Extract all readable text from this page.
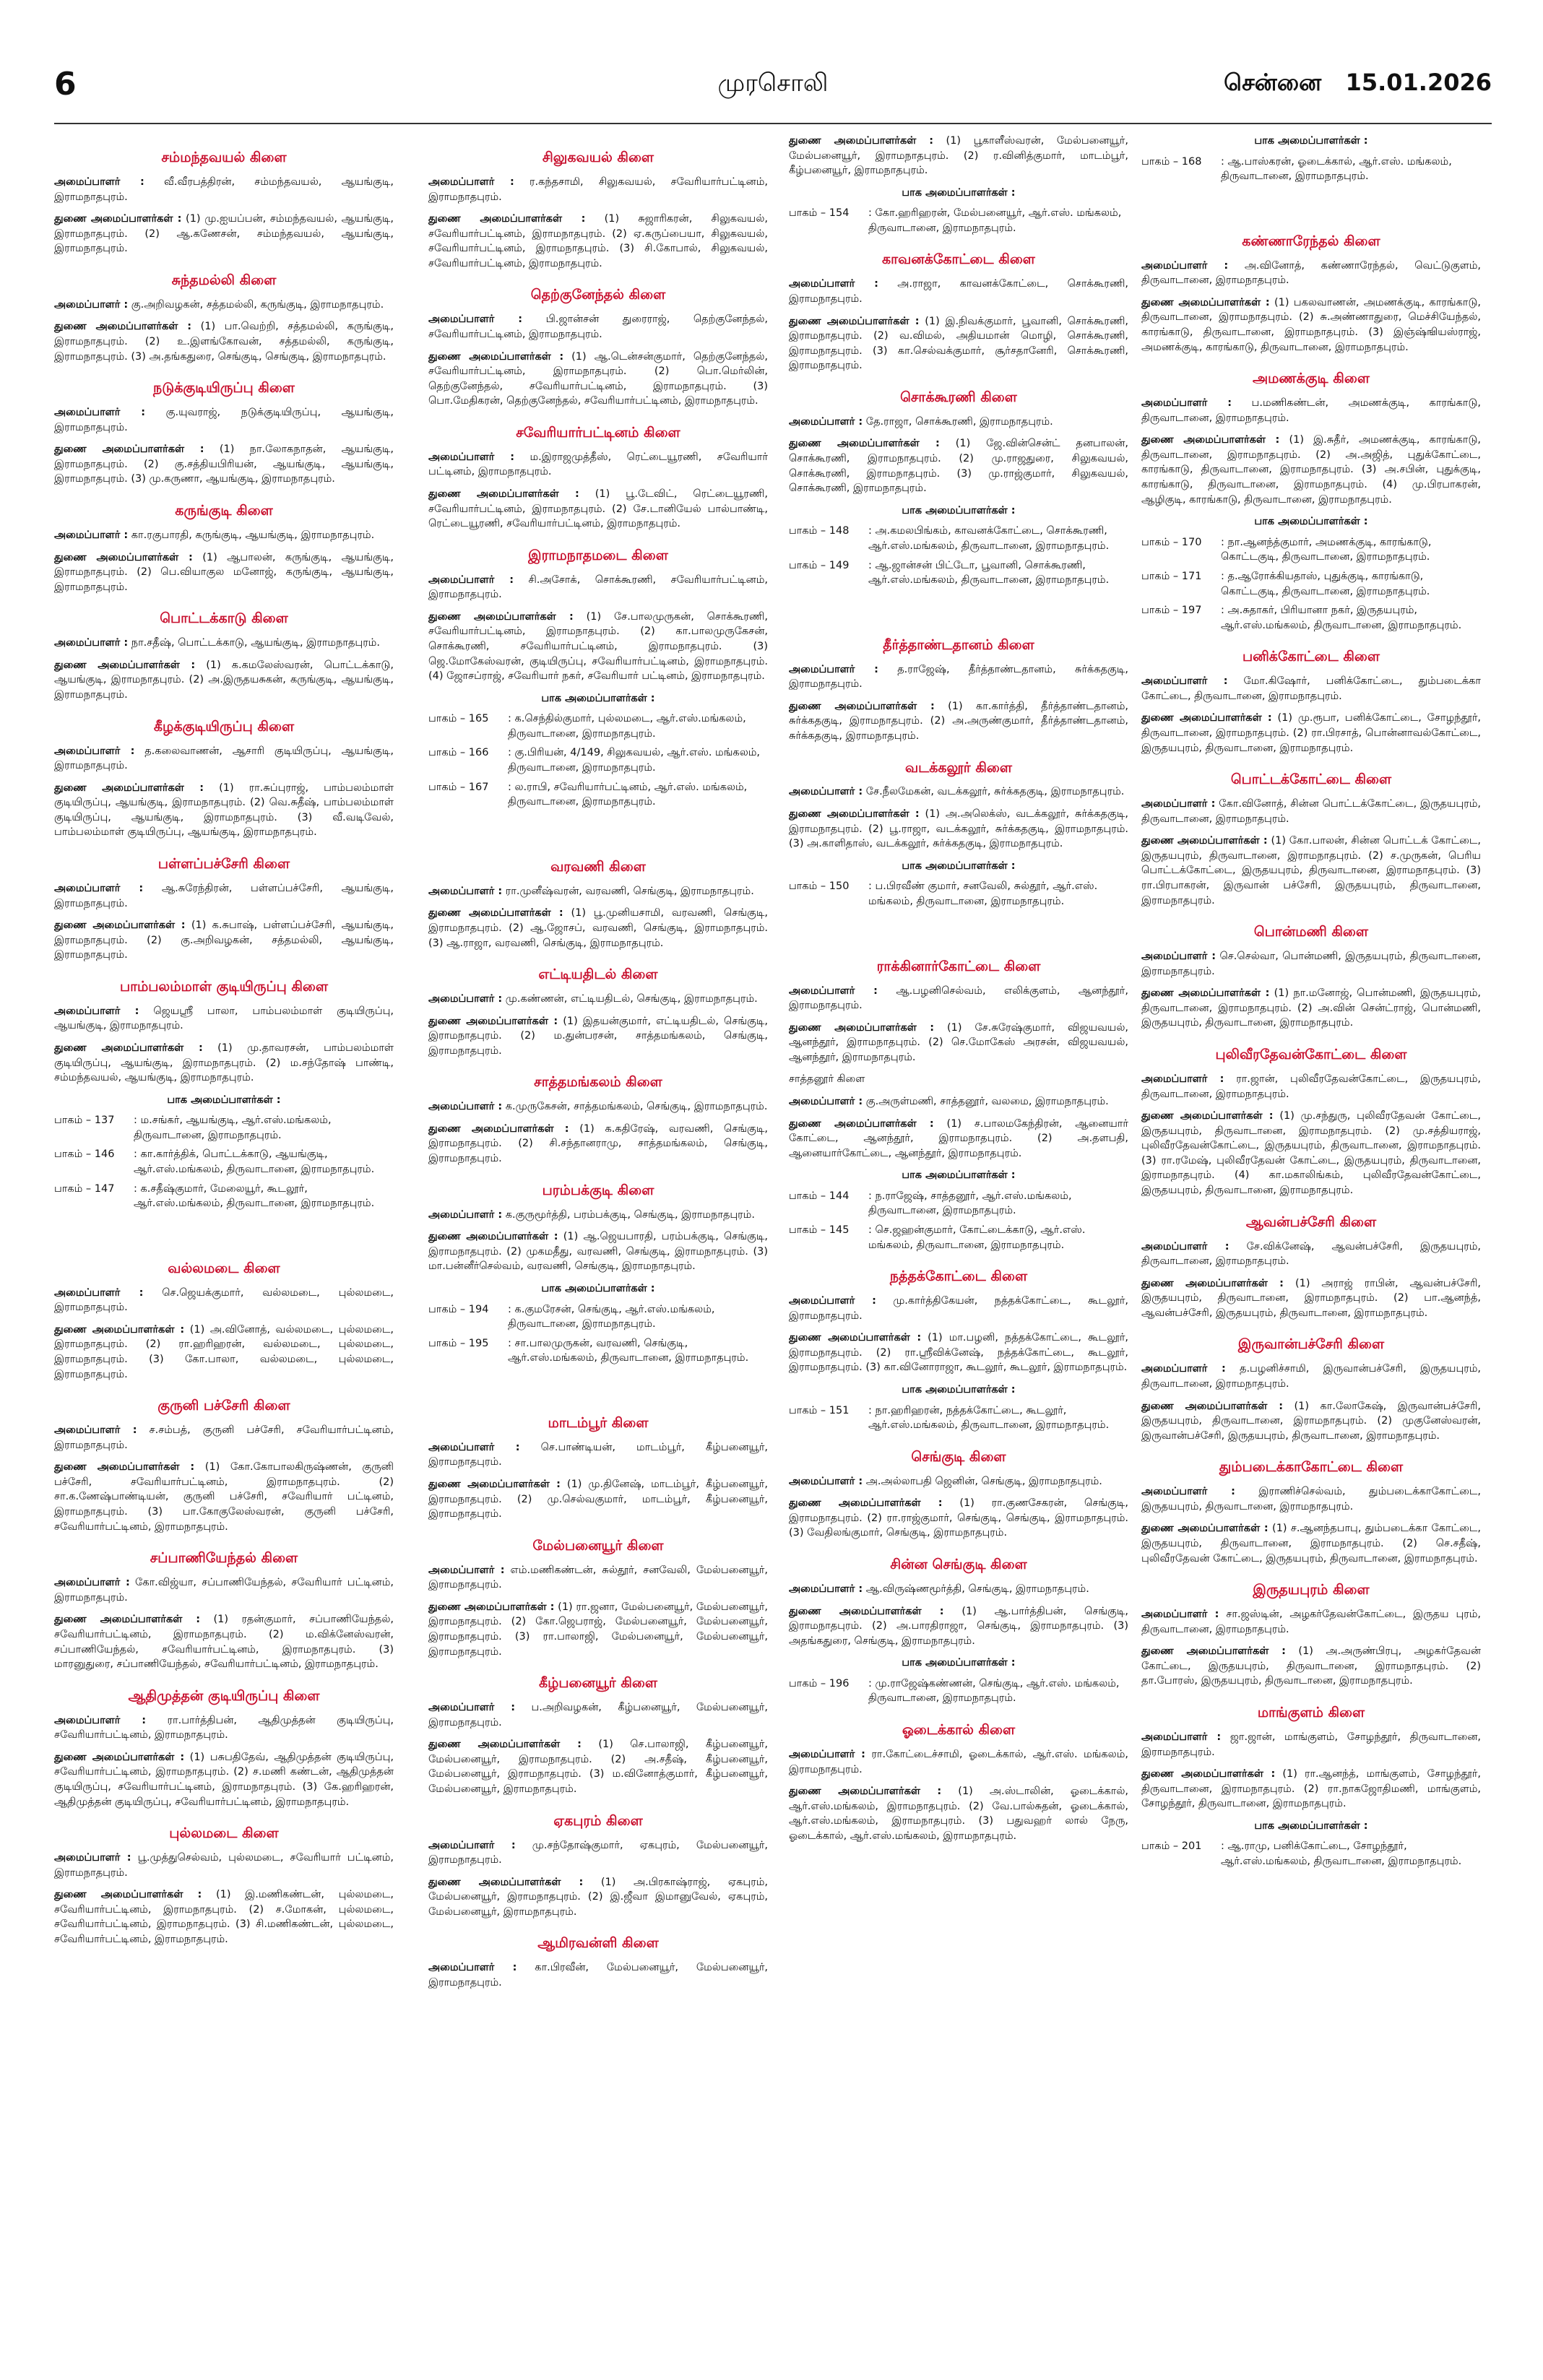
6	முரசொலி	சென்னை 15.01.2026
சம்மந்தவயல் கிளை

அமைப்பாளர் : வீ.வீரபத்திரன், சம்மந்தவயல், ஆயங்குடி, இராமநாதபுரம்.

துணை அமைப்பாளர்கள் : (1) மு.ஐயப்பன், சம்மந்தவயல், ஆயங்குடி, இராமநாதபுரம். (2) ஆ.கணேசன், சம்மந்தவயல், ஆயங்குடி, இராமநாதபுரம்.

சுந்தமல்லி கிளை

அமைப்பாளர் : கு.அறிவழகன், சத்தமல்லி, கருங்குடி, இராமநாதபுரம்.

துணை அமைப்பாளர்கள் : (1) பா.வெற்றி, சத்தமல்லி, கருங்குடி, இராமநாதபுரம். (2) உ.இளங்கோவன், சத்தமல்லி, கருங்குடி, இராமநாதபுரம். (3) அ.தங்கதுரை, செங்குடி, செங்குடி, இராமநாதபுரம்.

நடுக்குடியிருப்பு கிளை

அமைப்பாளர் : கு.யுவராஜ், நடுக்குடியிருப்பு, ஆயங்குடி, இராமநாதபுரம்.

துணை அமைப்பாளர்கள் : (1) நா.லோகநாதன், ஆயங்குடி, இராமநாதபுரம். (2) கு.சத்தியபிரியன், ஆயங்குடி, ஆயங்குடி, இராமநாதபுரம். (3) மு.கருணா, ஆயங்குடி, இராமநாதபுரம்.

கருங்குடி கிளை

அமைப்பாளர் : கா.ரகுபாரதி, கருங்குடி, ஆயங்குடி, இராமநாதபுரம்.

துணை அமைப்பாளர்கள் : (1) ஆபாலன், கருங்குடி, ஆயங்குடி, இராமநாதபுரம். (2) பெ.வியாகுல மனோஜ், கருங்குடி, ஆயங்குடி, இராமநாதபுரம்.

பொட்டக்காடு கிளை

அமைப்பாளர் : நா.சதீஷ், பொட்டக்காடு, ஆயங்குடி, இராமநாதபுரம்.

துணை அமைப்பாளர்கள் : (1) க.கமலேஸ்வரன், பொட்டக்காடு, ஆயங்குடி, இராமநாதபுரம். (2) அ.இருதயசுகன், கருங்குடி, ஆயங்குடி, இராமநாதபுரம்.

கீழக்குடியிருப்பு கிளை

அமைப்பாளர் : த.கலைவாணன், ஆசாரி குடியிருப்பு, ஆயங்குடி, இராமநாதபுரம்.

துணை அமைப்பாளர்கள் : (1) ரா.சுப்புராஜ், பாம்பலம்மாள் குடியிருப்பு, ஆயங்குடி, இராமநாதபுரம். (2) வெ.சுதீஷ், பாம்பலம்மாள் குடியிருப்பு, ஆயங்குடி, இராமநாதபுரம். (3) வீ.வடிவேல், பாம்பலம்மாள் குடியிருப்பு, ஆயங்குடி, இராமநாதபுரம்.

பள்ளப்பச்சேரி கிளை

அமைப்பாளர் : ஆ.சுரேந்திரன், பள்ளப்பச்சேரி, ஆயங்குடி, இராமநாதபுரம்.

துணை அமைப்பாளர்கள் : (1) க.சுபாஷ், பள்ளப்பச்சேரி, ஆயங்குடி, இராமநாதபுரம். (2) கு.அறிவழகன், சத்தமல்லி, ஆயங்குடி, இராமநாதபுரம்.

பாம்பலம்மாள் குடியிருப்பு கிளை

அமைப்பாளர் : ஜெயஸ்ரீ பாலா, பாம்பலம்மாள் குடியிருப்பு, ஆயங்குடி, இராமநாதபுரம்.

துணை அமைப்பாளர்கள் : (1) மு.தாவரசன், பாம்பலம்மாள் குடியிருப்பு, ஆயங்குடி, இராமநாதபுரம். (2) ம.சந்தோஷ் பாண்டி, சம்மந்தவயல், ஆயங்குடி, இராமநாதபுரம்.

பாக அமைப்பாளர்கள் :
பாகம் – 137	: ம.சங்கர், ஆயங்குடி, ஆர்.எஸ்.மங்கலம், திருவாடானை, இராமநாதபுரம்.
பாகம் – 146	: கா.கார்த்திக், பொட்டக்காடு, ஆயங்குடி, ஆர்.எஸ்.மங்கலம், திருவாடானை, இராமநாதபுரம்.
பாகம் – 147	: க.சதீஷ்குமார், மேலையூர், கூடலூர், ஆர்.எஸ்.மங்கலம், திருவாடானை, இராமநாதபுரம்.
வல்லமடை கிளை

அமைப்பாளர் : செ.ஜெயக்குமார், வல்லமடை, புல்லமடை, இராமநாதபுரம்.

துணை அமைப்பாளர்கள் : (1) அ.வினோத், வல்லமடை, புல்லமடை, இராமநாதபுரம். (2) ரா.ஹரிஹரன், வல்லமடை, புல்லமடை, இராமநாதபுரம். (3) கோ.பாலா, வல்லமடை, புல்லமடை, இராமநாதபுரம்.

குருனி பச்சேரி கிளை

அமைப்பாளர் : ச.சம்பத், குருனி பச்சேரி, சவேரியார்பட்டினம், இராமநாதபுரம்.

துணை அமைப்பாளர்கள் : (1) கோ.கோபாலகிருஷ்ணன், குருனி பச்சேரி, சவேரியார்பட்டினம், இராமநாதபுரம். (2) சா.க.ணேஷ்பாண்டியன், குருனி பச்சேரி, சவேரியார் பட்டினம், இராமநாதபுரம். (3) பா.கோகுலேஸ்வரன், குருனி பச்சேரி, சவேரியார்பட்டினம், இராமநாதபுரம்.

சப்பாணியேந்தல் கிளை

அமைப்பாளர் : கோ.விஜ்யா, சப்பாணியேந்தல், சவேரியார் பட்டினம், இராமநாதபுரம்.

துணை அமைப்பாளர்கள் : (1) ரதன்குமார், சப்பாணியேந்தல், சவேரியார்பட்டினம், இராமநாதபுரம். (2) ம.விக்னேஸ்வரன், சப்பாணியேந்தல், சவேரியார்பட்டினம், இராமநாதபுரம். (3) மாரனுதுரை, சப்பாணியேந்தல், சவேரியார்பட்டினம், இராமநாதபுரம்.

ஆதிமுத்தன் குடியிருப்பு கிளை

அமைப்பாளர் : ரா.பார்த்திபன், ஆதிமுத்தன் குடியிருப்பு, சவேரியார்பட்டினம், இராமநாதபுரம்.

துணை அமைப்பாளர்கள் : (1) பசுபதிதேவ், ஆதிமுத்தன் குடியிருப்பு, சவேரியார்பட்டினம், இராமநாதபுரம். (2) ச.மணி கண்டன், ஆதிமுத்தன் குடியிருப்பு, சவேரியார்பட்டினம், இராமநாதபுரம். (3) கே.ஹரிஹரன், ஆதிமுத்தன் குடியிருப்பு, சவேரியார்பட்டினம், இராமநாதபுரம்.

புல்லமடை கிளை

அமைப்பாளர் : பூ.முத்துசெல்வம், புல்லமடை, சவேரியார் பட்டினம், இராமநாதபுரம்.

துணை அமைப்பாளர்கள் : (1) இ.மணிகண்டன், புல்லமடை, சவேரியார்பட்டினம், இராமநாதபுரம். (2) ச.மோகன், புல்லமடை, சவேரியார்பட்டினம், இராமநாதபுரம். (3) சி.மணிகண்டன், புல்லமடை, சவேரியார்பட்டினம், இராமநாதபுரம்.

சிலுகவயல் கிளை

அமைப்பாளர் : ர.கந்தசாமி, சிலுகவயல், சவேரியார்பட்டினம், இராமநாதபுரம்.

துணை அமைப்பாளர்கள் : (1) சுஜாரிகரன், சிலுகவயல், சவேரியார்பட்டினம், இராமநாதபுரம். (2) ஏ.கருப்பையா, சிலுகவயல், சவேரியார்பட்டினம், இராமநாதபுரம். (3) சி.கோபால், சிலுகவயல், சவேரியார்பட்டினம், இராமநாதபுரம்.

தெற்குனேந்தல் கிளை

அமைப்பாளர் : பி.ஜான்சன் துரைராஜ், தெற்குனேந்தல், சவேரியார்பட்டினம், இராமநாதபுரம்.

துணை அமைப்பாளர்கள் : (1) ஆ.டென்சன்குமார், தெற்குனேந்தல், சவேரியார்பட்டினம், இராமநாதபுரம். (2) பொ.மெர்லின், தெற்குனேந்தல், சவேரியார்பட்டினம், இராமநாதபுரம். (3) பொ.மேதிகரன், தெற்குனேந்தல், சவேரியார்பட்டினம், இராமநாதபுரம்.

சவேரியார்பட்டினம் கிளை

அமைப்பாளர் : ம.இராஜமுத்தீஸ், ரெட்டையூரணி, சவேரியார் பட்டினம், இராமநாதபுரம்.

துணை அமைப்பாளர்கள் : (1) பூ.டேவிட், ரெட்டையூரணி, சவேரியார்பட்டினம், இராமநாதபுரம். (2) சே.டானியேல் பால்பாண்டி, ரெட்டையூரணி, சவேரியார்பட்டினம், இராமநாதபுரம்.

இராமநாதமடை கிளை

அமைப்பாளர் : சி.அசோக், சொக்கூரணி, சவேரியார்பட்டினம், இராமநாதபுரம்.

துணை அமைப்பாளர்கள் : (1) சே.பாலமுருகன், சொக்கூரணி, சவேரியார்பட்டினம், இராமநாதபுரம். (2) கா.பாலமுருகேசன், சொக்கூரணி, சவேரியார்பட்டினம், இராமநாதபுரம். (3) ஜெ.மோகேஸ்வரன், குடியிருப்பு, சவேரியார்பட்டினம், இராமநாதபுரம். (4) ஜோசப்ராஜ், சவேரியார் நகர், சவேரியார் பட்டினம், இராமநாதபுரம்.

பாக அமைப்பாளர்கள் :
பாகம் – 165	: க.செந்தில்குமார், புல்லமடை, ஆர்.எஸ்.மங்கலம், திருவாடானை, இராமநாதபுரம்.
பாகம் – 166	: கு.பிரியன், 4/149, சிலுகவயல், ஆர்.எஸ். மங்கலம், திருவாடானை, இராமநாதபுரம்.
பாகம் – 167	: ல.ராபி, சவேரியார்பட்டினம், ஆர்.எஸ். மங்கலம், திருவாடானை, இராமநாதபுரம்.
வரவணி கிளை

அமைப்பாளர் : ரா.முனீஷ்வரன், வரவணி, செங்குடி, இராமநாதபுரம்.

துணை அமைப்பாளர்கள் : (1) பூ.முனியசாமி, வரவணி, செங்குடி, இராமநாதபுரம். (2) ஆ.ஜோசப், வரவணி, செங்குடி, இராமநாதபுரம். (3) ஆ.ராஜா, வரவணி, செங்குடி, இராமநாதபுரம்.

எட்டியதிடல் கிளை

அமைப்பாளர் : மு.கண்ணன், எட்டியதிடல், செங்குடி, இராமநாதபுரம்.

துணை அமைப்பாளர்கள் : (1) இதயன்குமார், எட்டியதிடல், செங்குடி, இராமநாதபுரம். (2) ம.துன்பரசன், சாத்தமங்கலம், செங்குடி, இராமநாதபுரம்.

சாத்தமங்கலம் கிளை

அமைப்பாளர் : க.முருகேசன், சாத்தமங்கலம், செங்குடி, இராமநாதபுரம்.

துணை அமைப்பாளர்கள் : (1) க.கதிரேஷ், வரவணி, செங்குடி, இராமநாதபுரம். (2) சி.சந்தானராமு, சாத்தமங்கலம், செங்குடி, இராமநாதபுரம்.

பரம்பக்குடி கிளை

அமைப்பாளர் : க.குருமூர்த்தி, பரம்பக்குடி, செங்குடி, இராமநாதபுரம்.

துணை அமைப்பாளர்கள் : (1) ஆ.ஜெயபாரதி, பரம்பக்குடி, செங்குடி, இராமநாதபுரம். (2) முகமதீது, வரவணி, செங்குடி, இராமநாதபுரம். (3) மா.பன்னீர்செல்வம், வரவணி, செங்குடி, இராமநாதபுரம்.

பாக அமைப்பாளர்கள் :
பாகம் – 194	: க.குமரேசன், செங்குடி, ஆர்.எஸ்.மங்கலம், திருவாடானை, இராமநாதபுரம்.
பாகம் – 195	: சா.பாலமுருகன், வரவணி, செங்குடி, ஆர்.எஸ்.மங்கலம், திருவாடானை, இராமநாதபுரம்.
மாடம்பூர் கிளை

அமைப்பாளர் : செ.பாண்டியன், மாடம்பூர், கீழ்பனையூர், இராமநாதபுரம்.

துணை அமைப்பாளர்கள் : (1) மு.தினேஷ், மாடம்பூர், கீழ்பனையூர், இராமநாதபுரம். (2) மு.செல்வகுமார், மாடம்பூர், கீழ்பனையூர், இராமநாதபுரம்.

மேல்பனையூர் கிளை

அமைப்பாளர் : எம்.மணிகண்டன், சுல்தூர், சனவேலி, மேல்பனையூர், இராமநாதபுரம்.

துணை அமைப்பாளர்கள் : (1) ரா.ஜனா, மேல்பனையூர், மேல்பனையூர், இராமநாதபுரம். (2) கோ.ஜெபராஜ், மேல்பனையூர், மேல்பனையூர், இராமநாதபுரம். (3) ரா.பாலாஜி, மேல்பனையூர், மேல்பனையூர், இராமநாதபுரம்.

கீழ்பனையூர் கிளை

அமைப்பாளர் : ப.அறிவழகன், கீழ்பனையூர், மேல்பனையூர், இராமநாதபுரம்.

துணை அமைப்பாளர்கள் : (1) செ.பாலாஜி, கீழ்பனையூர், மேல்பனையூர், இராமநாதபுரம். (2) அ.சதீஷ், கீழ்பனையூர், மேல்பனையூர், இராமநாதபுரம். (3) ம.வினோத்குமார், கீழ்பனையூர், மேல்பனையூர், இராமநாதபுரம்.

ஏகபுரம் கிளை

அமைப்பாளர் : மு.சந்தோஷ்குமார், ஏகபுரம், மேல்பனையூர், இராமநாதபுரம்.

துணை அமைப்பாளர்கள் : (1) அ.பிரகாஷ்ராஜ், ஏகபுரம், மேல்பனையூர், இராமநாதபுரம். (2) இ.ஜீவா இமானுவேல், ஏகபுரம், மேல்பனையூர், இராமநாதபுரம்.

ஆமிரவன்ளி கிளை

அமைப்பாளர் : கா.பிரவீன், மேல்பனையூர், மேல்பனையூர், இராமநாதபுரம்.

துணை அமைப்பாளர்கள் : (1) பூகாளீஸ்வரன், மேல்பனையூர், மேல்பனையூர், இராமநாதபுரம். (2) ர.வினித்குமார், மாடம்பூர், கீழ்பனையூர், இராமநாதபுரம்.

பாக அமைப்பாளர்கள் :
பாகம் – 154	: கோ.ஹரிஹரன், மேல்பனையூர், ஆர்.எஸ். மங்கலம், திருவாடானை, இராமநாதபுரம்.
காவனக்கோட்டை கிளை

அமைப்பாளர் : அ.ராஜா, காவனக்கோட்டை, சொக்கூரணி, இராமநாதபுரம்.

துணை அமைப்பாளர்கள் : (1) இ.நிவக்குமார், பூவானி, சொக்கூரணி, இராமநாதபுரம். (2) வ.விமல், அதியமான் மொழி, சொக்கூரணி, இராமநாதபுரம். (3) கா.செல்வக்குமார், சூர்சதானேரி, சொக்கூரணி, இராமநாதபுரம்.

சொக்கூரணி கிளை

அமைப்பாளர் : தே.ராஜா, சொக்கூரணி, இராமநாதபுரம்.

துணை அமைப்பாளர்கள் : (1) ஜே.வின்சென்ட் தனபாலன், சொக்கூரணி, இராமநாதபுரம். (2) மு.ராஜதுரை, சிலுகவயல், சொக்கூரணி, இராமநாதபுரம். (3) மு.ராஜ்குமார், சிலுகவயல், சொக்கூரணி, இராமநாதபுரம்.

பாக அமைப்பாளர்கள் :
பாகம் – 148	: அ.கமலபிங்கம், காவனக்கோட்டை, சொக்கூரணி, ஆர்.எஸ்.மங்கலம், திருவாடானை, இராமநாதபுரம்.
பாகம் – 149	: ஆ.ஜான்சன் பிட்டோ, பூவானி, சொக்கூரணி, ஆர்.எஸ்.மங்கலம், திருவாடானை, இராமநாதபுரம்.
தீர்த்தாண்டதானம் கிளை

அமைப்பாளர் : த.ராஜேஷ், தீர்த்தாண்டதானம், சுர்க்கதகுடி, இராமநாதபுரம்.

துணை அமைப்பாளர்கள் : (1) கா.கார்த்தி, தீர்த்தாண்டதானம், சுர்க்கதகுடி, இராமநாதபுரம். (2) அ.அருண்குமார், தீர்த்தாண்டதானம், சுர்க்கதகுடி, இராமநாதபுரம்.

வடக்கலூர் கிளை

அமைப்பாளர் : சே.நீலமேகன், வடக்கலூர், சுர்க்கதகுடி, இராமநாதபுரம்.

துணை அமைப்பாளர்கள் : (1) அ.அலெக்ஸ், வடக்கலூர், சுர்க்கதகுடி, இராமநாதபுரம். (2) பூ.ராஜா, வடக்கலூர், சுர்க்கதகுடி, இராமநாதபுரம். (3) அ.காளிதாஸ், வடக்கலூர், சுர்க்கதகுடி, இராமநாதபுரம்.

பாக அமைப்பாளர்கள் :
பாகம் – 150	: ப.பிரவீண் குமார், சனவேலி, சுல்தூர், ஆர்.எஸ். மங்கலம், திருவாடானை, இராமநாதபுரம்.
ராக்கினார்கோட்டை கிளை

அமைப்பாளர் : ஆ.பழனிசெல்வம், எலிக்குளம், ஆனந்தூர், இராமநாதபுரம்.

துணை அமைப்பாளர்கள் : (1) சே.சுரேஷ்குமார், விஜயவயல், ஆனந்தூர், இராமநாதபுரம். (2) செ.மோகேஸ் அரசன், விஜயவயல், ஆனந்தூர், இராமநாதபுரம்.

சாத்தனூர் கிளை

அமைப்பாளர் : கு.அருள்மணி, சாத்தனூர், வலமை, இராமநாதபுரம்.

துணை அமைப்பாளர்கள் : (1) ச.பாலமகேந்திரன், ஆனையார் கோட்டை, ஆனந்தூர், இராமநாதபுரம். (2) அ.தளபதி, ஆனையார்கோட்டை, ஆனந்தூர், இராமநாதபுரம்.

பாக அமைப்பாளர்கள் :
பாகம் – 144	: ந.ராஜேஷ், சாத்தனூர், ஆர்.எஸ்.மங்கலம், திருவாடானை, இராமநாதபுரம்.
பாகம் – 145	: செ.ஜஹன்குமார், கோட்டைக்காடு, ஆர்.எஸ். மங்கலம், திருவாடானை, இராமநாதபுரம்.
நத்தக்கோட்டை கிளை

அமைப்பாளர் : மு.கார்த்திகேயன், நத்தக்கோட்டை, கூடலூர், இராமநாதபுரம்.

துணை அமைப்பாளர்கள் : (1) மா.பழனி, நத்தக்கோட்டை, கூடலூர், இராமநாதபுரம். (2) ரா.ஸ்ரீவிக்னேஷ், நத்தக்கோட்டை, கூடலூர், இராமநாதபுரம். (3) கா.வினோராஜா, கூடலூர், கூடலூர், இராமநாதபுரம்.

பாக அமைப்பாளர்கள் :
பாகம் – 151	: நா.ஹரிஹரன், நத்தக்கோட்டை, கூடலூர், ஆர்.எஸ்.மங்கலம், திருவாடானை, இராமநாதபுரம்.
செங்குடி கிளை

அமைப்பாளர் : அ.அல்லாபதி ஜெனின், செங்குடி, இராமநாதபுரம்.

துணை அமைப்பாளர்கள் : (1) ரா.குணசேகரன், செங்குடி, இராமநாதபுரம். (2) ரா.ராஜ்குமார், செங்குடி, செங்குடி, இராமநாதபுரம். (3) வேதிலங்குமார், செங்குடி, இராமநாதபுரம்.

சின்ன செங்குடி கிளை

அமைப்பாளர் : ஆ.விருஷ்ணமூர்த்தி, செங்குடி, இராமநாதபுரம்.

துணை அமைப்பாளர்கள் : (1) ஆ.பார்த்திபன், செங்குடி, இராமநாதபுரம். (2) அ.பாரதிராஜா, செங்குடி, இராமநாதபுரம். (3) அதங்கதுரை, செங்குடி, இராமநாதபுரம்.

பாக அமைப்பாளர்கள் :
பாகம் – 196	: மு.ராஜேஷ்கண்ணன், செங்குடி, ஆர்.எஸ். மங்கலம், திருவாடானை, இராமநாதபுரம்.
ஓடைக்கால் கிளை

அமைப்பாளர் : ரா.கோட்டைச்சாமி, ஓடைக்கால், ஆர்.எஸ். மங்கலம், இராமநாதபுரம்.

துணை அமைப்பாளர்கள் : (1) அ.ஸ்டாலின், ஓடைக்கால், ஆர்.எஸ்.மங்கலம், இராமநாதபுரம். (2) வே.பால்சுதன், ஓடைக்கால், ஆர்.எஸ்.மங்கலம், இராமநாதபுரம். (3) பதுவஹர் லால் நேரு, ஓடைக்கால், ஆர்.எஸ்.மங்கலம், இராமநாதபுரம்.

பாக அமைப்பாளர்கள் :
பாகம் – 168	: ஆ.பாஸ்கரன், ஓடைக்கால், ஆர்.எஸ். மங்கலம், திருவாடானை, இராமநாதபுரம்.
கண்ணாரேந்தல் கிளை

அமைப்பாளர் : அ.வினோத், கண்ணாரேந்தல், வெட்டுகுளம், திருவாடானை, இராமநாதபுரம்.

துணை அமைப்பாளர்கள் : (1) பகலவாணன், அமணக்குடி, காரங்காடு, திருவாடானை, இராமநாதபுரம். (2) சு.அண்ணாதுரை, மெச்சியேந்தல், காரங்காடு, திருவாடானை, இராமநாதபுரம். (3) இஞ்ஷ்ஙியஸ்ராஜ், அமணக்குடி, காரங்காடு, திருவாடானை, இராமநாதபுரம்.

அமணக்குடி கிளை

அமைப்பாளர் : ப.மணிகண்டன், அமணக்குடி, காரங்காடு, திருவாடானை, இராமநாதபுரம்.

துணை அமைப்பாளர்கள் : (1) இ.சுதீர், அமணக்குடி, காரங்காடு, திருவாடானை, இராமநாதபுரம். (2) அ.அஜித், புதுக்கோட்டை, காரங்காடு, திருவாடானை, இராமநாதபுரம். (3) அ.சபின், புதுக்குடி, காரங்காடு, திருவாடானை, இராமநாதபுரம். (4) மு.பிரபாகரன், ஆழிகுடி, காரங்காடு, திருவாடானை, இராமநாதபுரம்.

பாக அமைப்பாளர்கள் :
பாகம் – 170	: நா.ஆனந்த்குமார், அமணக்குடி, காரங்காடு, கொட்டகுடி, திருவாடானை, இராமநாதபுரம்.
பாகம் – 171	: த.ஆரோக்கியதாஸ், புதுக்குடி, காரங்காடு, கொட்டகுடி, திருவாடானை, இராமநாதபுரம்.
பாகம் – 197	: அ.சுதாகர், பிரியானா நகர், இருதயபுரம், ஆர்.எஸ்.மங்கலம், திருவாடானை, இராமநாதபுரம்.
பனிக்கோட்டை கிளை

அமைப்பாளர் : மோ.கிஷோர், பனிக்கோட்டை, தும்படைக்கா கோட்டை, திருவாடானை, இராமநாதபுரம்.

துணை அமைப்பாளர்கள் : (1) மு.ரூபா, பனிக்கோட்டை, சோழந்தூர், திருவாடானை, இராமநாதபுரம். (2) ரா.பிரசாத், பொன்னாவல்கோட்டை, இருதயபுரம், திருவாடானை, இராமநாதபுரம்.

பொட்டக்கோட்டை கிளை

அமைப்பாளர் : கோ.வினோத், சின்ன பொட்டக்கோட்டை, இருதயபுரம், திருவாடானை, இராமநாதபுரம்.

துணை அமைப்பாளர்கள் : (1) கோ.பாலன், சின்ன பொட்டக் கோட்டை, இருதயபுரம், திருவாடானை, இராமநாதபுரம். (2) ச.முருகன், பெரிய பொட்டக்கோட்டை, இருதயபுரம், திருவாடானை, இராமநாதபுரம். (3) ரா.பிரபாகரன், இருவான் பச்சேரி, இருதயபுரம், திருவாடானை, இராமநாதபுரம்.

பொன்மணி கிளை

அமைப்பாளர் : செ.செல்வா, பொன்மணி, இருதயபுரம், திருவாடானை, இராமநாதபுரம்.

துணை அமைப்பாளர்கள் : (1) நா.மனோஜ், பொன்மணி, இருதயபுரம், திருவாடானை, இராமநாதபுரம். (2) அ.வின் சென்ட்ராஜ், பொன்மணி, இருதயபுரம், திருவாடானை, இராமநாதபுரம்.

புலிவீரதேவன்கோட்டை கிளை

அமைப்பாளர் : ரா.ஜான், புலிவீரதேவன்கோட்டை, இருதயபுரம், திருவாடானை, இராமநாதபுரம்.

துணை அமைப்பாளர்கள் : (1) மு.சந்துரு, புலிவீரதேவன் கோட்டை, இருதயபுரம், திருவாடானை, இராமநாதபுரம். (2) மு.சத்தியராஜ், புலிவீரதேவன்கோட்டை, இருதயபுரம், திருவாடானை, இராமநாதபுரம். (3) ரா.ரமேஷ், புலிவீரதேவன் கோட்டை, இருதயபுரம், திருவாடானை, இராமநாதபுரம். (4) கா.மகாலிங்கம், புலிவீரதேவன்கோட்டை, இருதயபுரம், திருவாடானை, இராமநாதபுரம்.

ஆவன்பச்சேரி கிளை

அமைப்பாளர் : சே.விக்னேஷ், ஆவன்பச்சேரி, இருதயபுரம், திருவாடானை, இராமநாதபுரம்.

துணை அமைப்பாளர்கள் : (1) அராஜ் ராபின், ஆவன்பச்சேரி, இருதயபுரம், திருவாடானை, இராமநாதபுரம். (2) பா.ஆனந்த், ஆவன்பச்சேரி, இருதயபுரம், திருவாடானை, இராமநாதபுரம்.

இருவான்பச்சேரி கிளை

அமைப்பாளர் : த.பழனிச்சாமி, இருவான்பச்சேரி, இருதயபுரம், திருவாடானை, இராமநாதபுரம்.

துணை அமைப்பாளர்கள் : (1) கா.லோகேஷ், இருவான்பச்சேரி, இருதயபுரம், திருவாடானை, இராமநாதபுரம். (2) முகுனேஸ்வரன், இருவான்பச்சேரி, இருதயபுரம், திருவாடானை, இராமநாதபுரம்.

தும்படைக்காகோட்டை கிளை

அமைப்பாளர் : இராணிச்செல்வம், தும்படைக்காகோட்டை, இருதயபுரம், திருவாடானை, இராமநாதபுரம்.

துணை அமைப்பாளர்கள் : (1) ச.ஆனந்தபாபு, தும்படைக்கா கோட்டை, இருதயபுரம், திருவாடானை, இராமநாதபுரம். (2) செ.சதீஷ், புலிவீரதேவன் கோட்டை, இருதயபுரம், திருவாடானை, இராமநாதபுரம்.

இருதயபுரம் கிளை

அமைப்பாளர் : சா.ஜஸ்டின், அழகர்தேவன்கோட்டை, இருதய புரம், திருவாடானை, இராமநாதபுரம்.

துணை அமைப்பாளர்கள் : (1) அ.அருண்பிரபு, அழகர்தேவன் கோட்டை, இருதயபுரம், திருவாடானை, இராமநாதபுரம். (2) தா.போரஸ், இருதயபுரம், திருவாடானை, இராமநாதபுரம்.

மாங்குளம் கிளை

அமைப்பாளர் : ஜா.ஜான், மாங்குளம், சோழந்தூர், திருவாடானை, இராமநாதபுரம்.

துணை அமைப்பாளர்கள் : (1) ரா.ஆனந்த், மாங்குளம், சோழந்தூர், திருவாடானை, இராமநாதபுரம். (2) ரா.நாகஜோதிமணி, மாங்குளம், சோழந்தூர், திருவாடானை, இராமநாதபுரம்.

பாக அமைப்பாளர்கள் :
பாகம் – 201	: ஆ.ராமு, பனிக்கோட்டை, சோழந்தூர், ஆர்.எஸ்.மங்கலம், திருவாடானை, இராமநாதபுரம்.
